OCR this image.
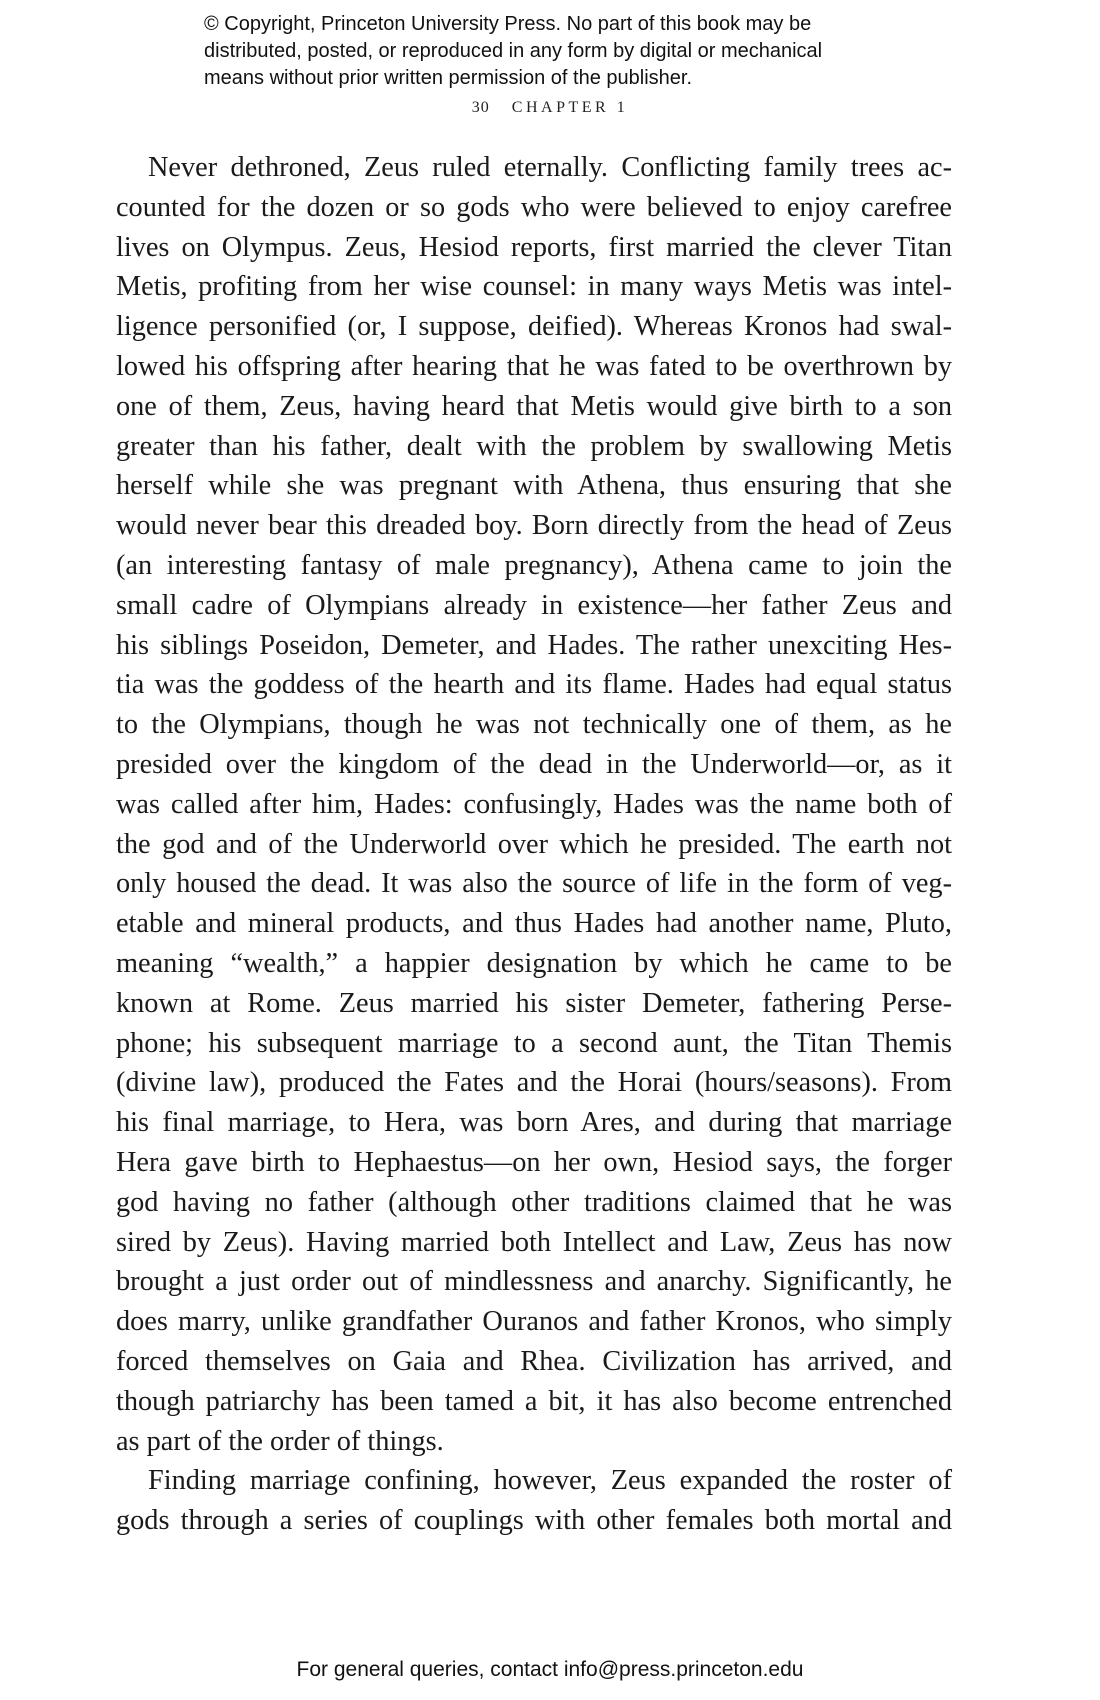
© Copyright, Princeton University Press. No part of this book may be
distributed, posted, or reproduced in any form by digital or mechanical
means without prior written permission of the publisher.
30 CHAPTER 1
Never dethroned, Zeus ruled eternally. Conflicting family trees ac-
counted for the dozen or so gods who were believed to enjoy carefree
lives on Olympus. Zeus, Hesiod reports, first married the clever Titan
Metis, profiting from her wise counsel: in many ways Metis was intel-
ligence personified (or, I suppose, deified). Whereas Kronos had swal-
lowed his offspring after hearing that he was fated to be overthrown by
one of them, Zeus, having heard that Metis would give birth to a son
greater than his father, dealt with the problem by swallowing Metis
herself while she was pregnant with Athena, thus ensuring that she
would never bear this dreaded boy. Born directly from the head of Zeus
(an interesting fantasy of male pregnancy), Athena came to join the
small cadre of Olympians already in existence—her father Zeus and
his siblings Poseidon, Demeter, and Hades. The rather unexciting Hes-
tia was the goddess of the hearth and its flame. Hades had equal status
to the Olympians, though he was not technically one of them, as he
presided over the kingdom of the dead in the Underworld—or, as it
was called after him, Hades: confusingly, Hades was the name both of
the god and of the Underworld over which he presided. The earth not
only housed the dead. It was also the source of life in the form of veg-
etable and mineral products, and thus Hades had another name, Pluto,
meaning “wealth,” a happier designation by which he came to be
known at Rome. Zeus married his sister Demeter, fathering Perse-
phone; his subsequent marriage to a second aunt, the Titan Themis
(divine law), produced the Fates and the Horai (hours/seasons). From
his final marriage, to Hera, was born Ares, and during that marriage
Hera gave birth to Hephaestus—on her own, Hesiod says, the forger
god having no father (although other traditions claimed that he was
sired by Zeus). Having married both Intellect and Law, Zeus has now
brought a just order out of mindlessness and anarchy. Significantly, he
does marry, unlike grandfather Ouranos and father Kronos, who simply
forced themselves on Gaia and Rhea. Civilization has arrived, and
though patriarchy has been tamed a bit, it has also become entrenched
as part of the order of things.
Finding marriage confining, however, Zeus expanded the roster of
gods through a series of couplings with other females both mortal and
For general queries, contact info@press.princeton.edu
